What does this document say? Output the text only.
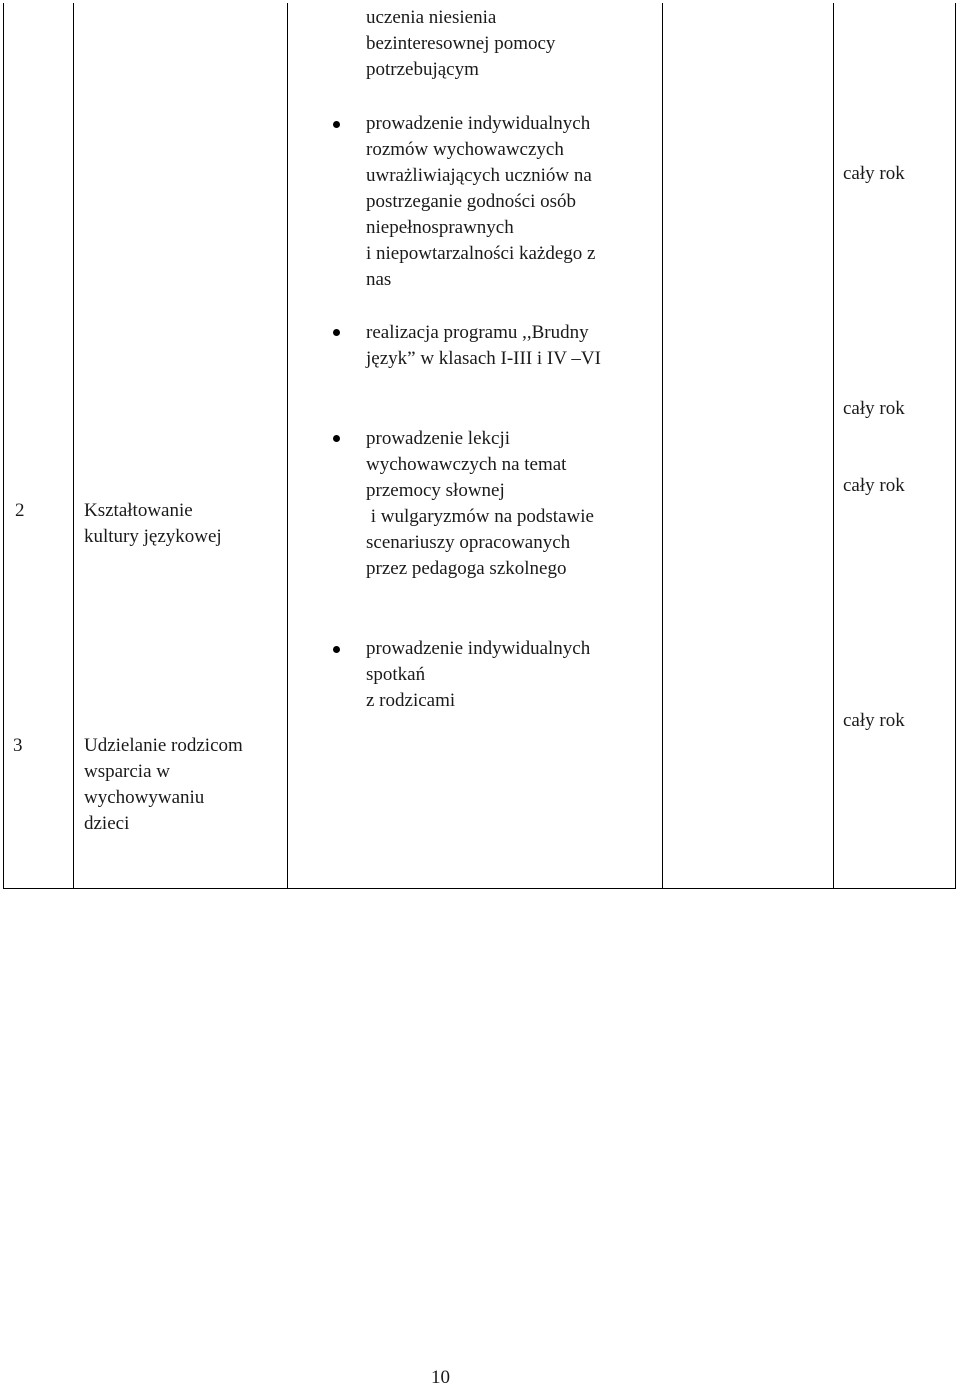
uczenia niesienia
bezinteresownej pomocy
potrzebującym
prowadzenie indywidualnych
rozmów wychowawczych
uwrażliwiających uczniów na
postrzeganie godności osób
niepełnosprawnych
i niepowtarzalności każdego z
nas
realizacja programu ,,Brudny
język” w klasach I-III i IV –VI
cały rok
2	Kształtowanie
kultury językowej
prowadzenie lekcji
wychowawczych na temat
przemocy słownej
i wulgaryzmów na podstawie
scenariuszy opracowanych
przez pedagoga szkolnego
cały rok
cały rok
3	Udzielanie rodzicom
wsparcia w
wychowywaniu
dzieci
prowadzenie indywidualnych
spotkań
z rodzicami
cały rok
10
